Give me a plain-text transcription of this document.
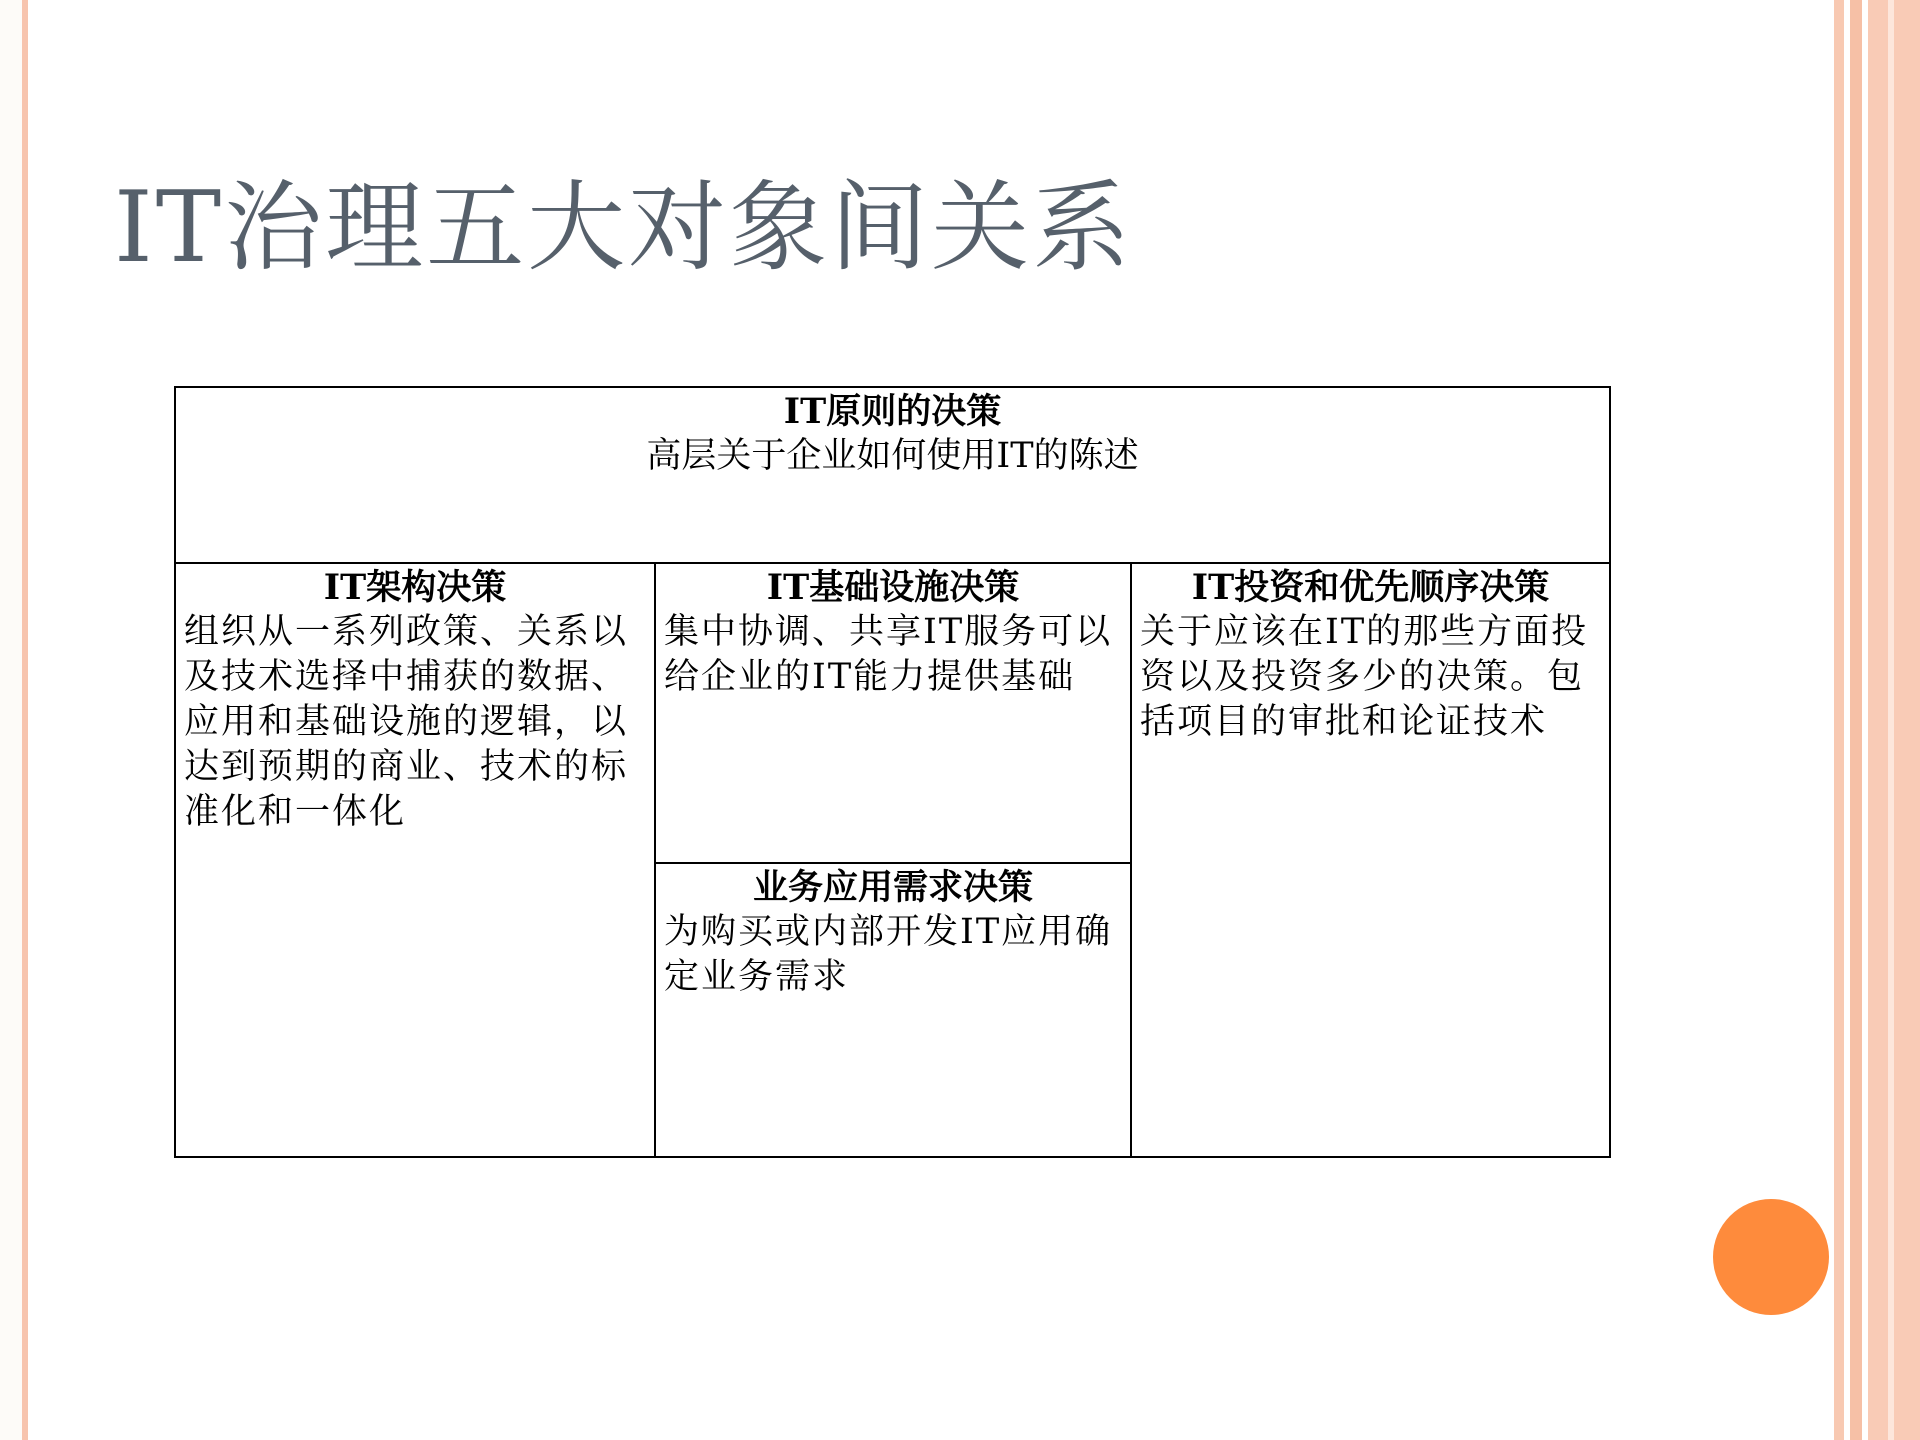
IT治理五大对象间关系
IT原则的决策
高层关于企业如何使用IT的陈述
IT架构决策
组织从一系列政策、关系以及技术选择中捕获的数据、应用和基础设施的逻辑，以达到预期的商业、技术的标准化和一体化
IT基础设施决策
集中协调、共享IT服务可以给企业的IT能力提供基础
业务应用需求决策
为购买或内部开发IT应用确定业务需求
IT投资和优先顺序决策
关于应该在IT的那些方面投资以及投资多少的决策。包括项目的审批和论证技术
